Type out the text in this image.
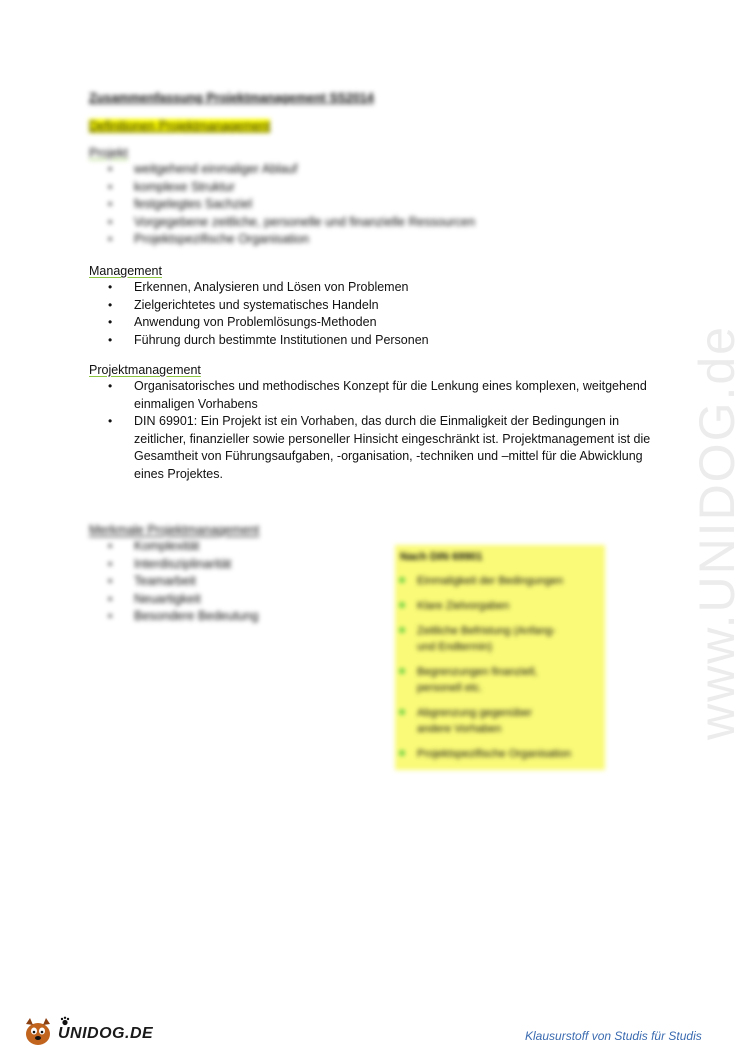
www.UNIDOG.de
Zusammenfassung Projektmanagement SS2014
Definitionen Projektmanagement
Projekt
• weitgehend einmaliger Ablauf
• komplexe Struktur
• festgelegtes Sachziel
• Vorgegebene zeitliche, personelle und finanzielle Ressourcen
• Projektspezifische Organisation
Management
• Erkennen, Analysieren und Lösen von Problemen
• Zielgerichtetes und systematisches Handeln
• Anwendung von Problemlösungs-Methoden
• Führung durch bestimmte Institutionen und Personen
Projektmanagement
• Organisatorisches und methodisches Konzept für die Lenkung eines komplexen, weitgehend einmaligen Vorhabens
• DIN 69901: Ein Projekt ist ein Vorhaben, das durch die Einmaligkeit der Bedingungen in zeitlicher, finanzieller sowie personeller Hinsicht eingeschränkt ist. Projektmanagement ist die Gesamtheit von Führungsaufgaben, -organisation, -techniken und –mittel für die Abwicklung eines Projektes.
Merkmale Projektmanagement
• Komplexität
• Interdisziplinarität
• Teamarbeit
• Neuartigkeit
• Besondere Bedeutung
Nach DIN 69901
■ Einmaligkeit der Bedingungen
■ Klare Zielvorgaben
■ Zeitliche Befristung (Anfang- und Endtermin)
■ Begrenzungen finanziell, personell etc.
■ Abgrenzung gegenüber andere Vorhaben
■ Projektspezifische Organisation
UNIDOG.DE	Klausurstoff von Studis für Studis
